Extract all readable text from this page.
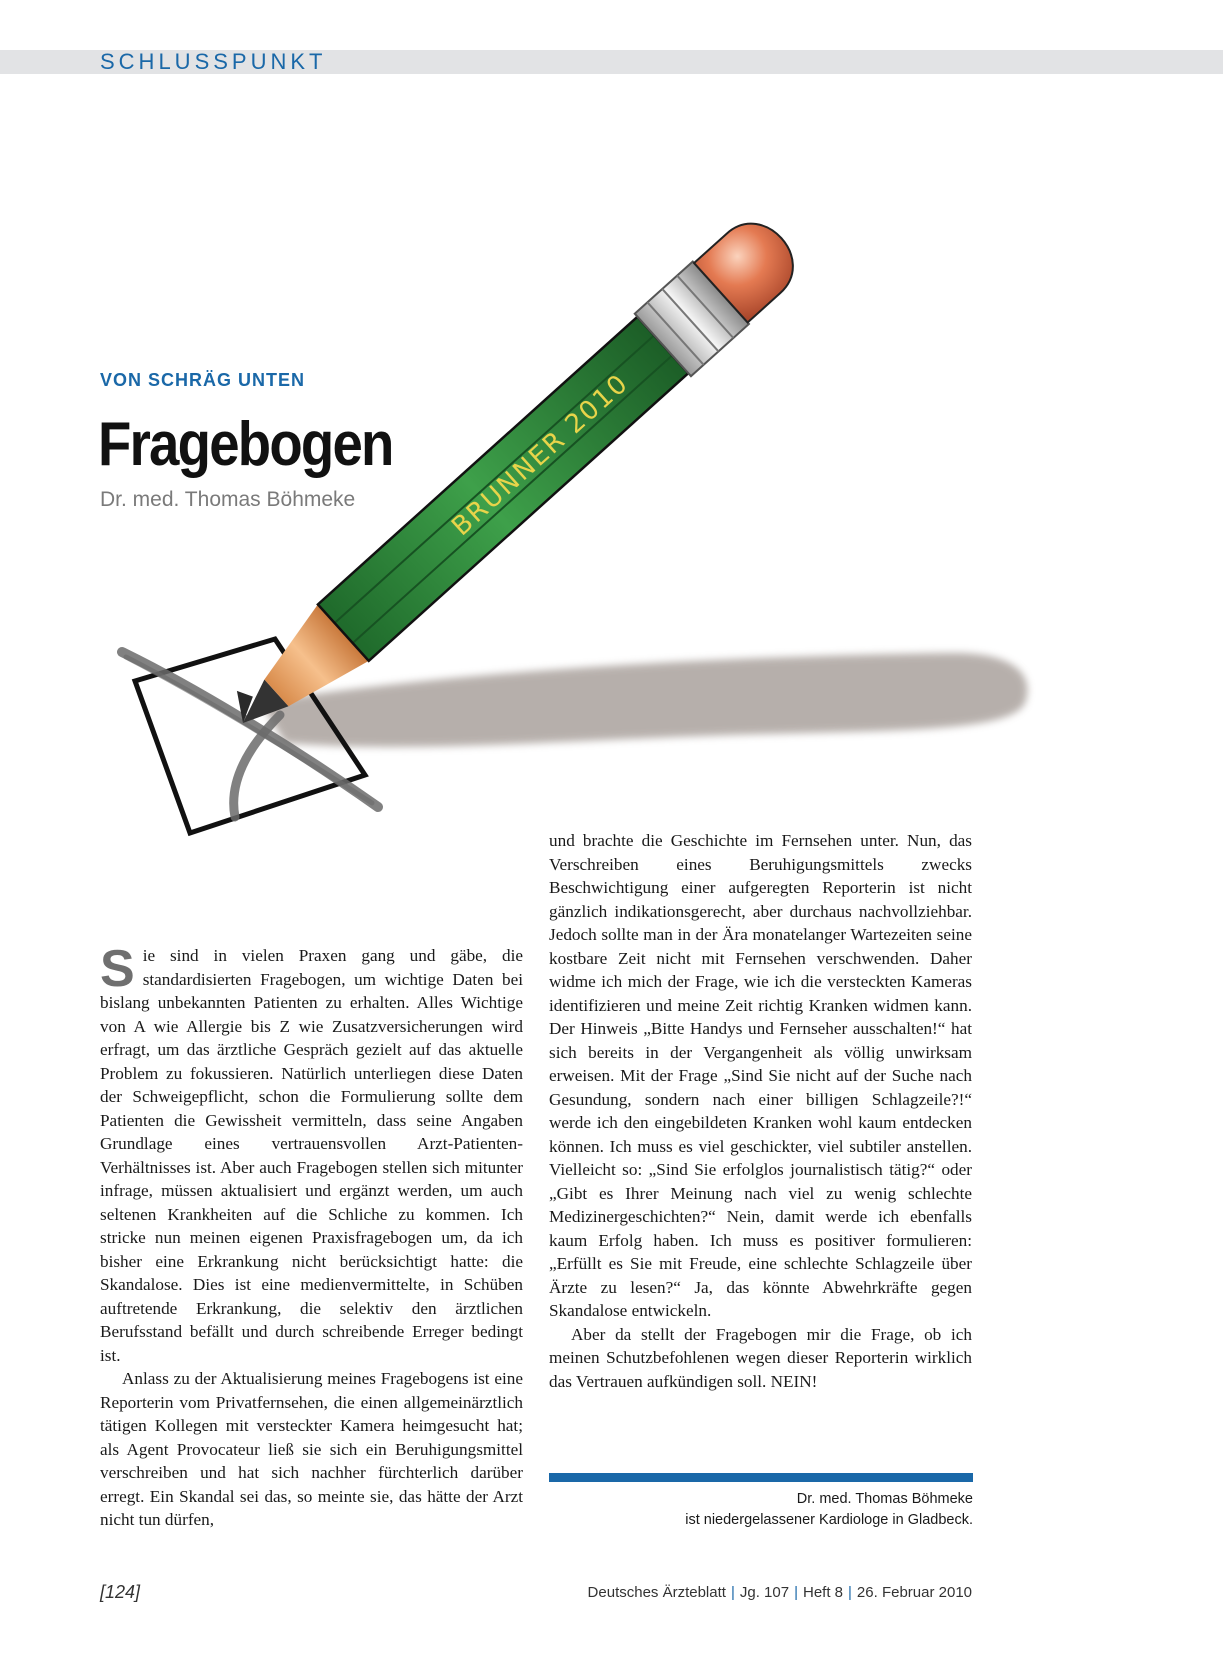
SCHLUSSPUNKT
BRUNNER 2010
VON SCHRÄG UNTEN
Fragebogen
Dr. med. Thomas Böhmeke

Sie sind in vielen Praxen gang und gäbe, die standardisierten Fragebogen, um wichtige Daten bei bislang unbekannten Patienten zu erhalten. Alles Wichtige von A wie Allergie bis Z wie Zusatzversicherungen wird erfragt, um das ärztliche Gespräch gezielt auf das aktuelle Problem zu fokussieren. Natürlich unterliegen diese Daten der Schweigepflicht, schon die Formulierung sollte dem Patienten die Gewissheit vermitteln, dass seine Angaben Grundlage eines vertrauensvollen Arzt-Patienten-Verhältnisses ist. Aber auch Fragebogen stellen sich mitunter infrage, müssen aktualisiert und ergänzt werden, um auch seltenen Krankheiten auf die Schliche zu kommen. Ich stricke nun meinen eigenen Praxisfragebogen um, da ich bisher eine Erkrankung nicht berücksichtigt hatte: die Skandalose. Dies ist eine medienvermittelte, in Schüben auftretende Erkrankung, die selektiv den ärztlichen Berufsstand befällt und durch schreibende Erreger bedingt ist.

Anlass zu der Aktualisierung meines Fragebogens ist eine Reporterin vom Privatfernsehen, die einen allgemeinärztlich tätigen Kollegen mit versteckter Kamera heimgesucht hat; als Agent Provocateur ließ sie sich ein Beruhigungsmittel verschreiben und hat sich nachher fürchterlich darüber erregt. Ein Skandal sei das, so meinte sie, das hätte der Arzt nicht tun dürfen,

und brachte die Geschichte im Fernsehen unter. Nun, das Verschreiben eines Beruhigungsmittels zwecks Beschwichtigung einer aufgeregten Reporterin ist nicht gänzlich indikationsgerecht, aber durchaus nachvollziehbar. Jedoch sollte man in der Ära monatelanger Wartezeiten seine kostbare Zeit nicht mit Fernsehen verschwenden. Daher widme ich mich der Frage, wie ich die versteckten Kameras identifizieren und meine Zeit richtig Kranken widmen kann. Der Hinweis „Bitte Handys und Fernseher ausschalten!“ hat sich bereits in der Vergangenheit als völlig unwirksam erweisen. Mit der Frage „Sind Sie nicht auf der Suche nach Gesundung, sondern nach einer billigen Schlagzeile?!“ werde ich den eingebildeten Kranken wohl kaum entdecken können. Ich muss es viel geschickter, viel subtiler anstellen. Vielleicht so: „Sind Sie erfolglos journalistisch tätig?“ oder „Gibt es Ihrer Meinung nach viel zu wenig schlechte Medizinergeschichten?“ Nein, damit werde ich ebenfalls kaum Erfolg haben. Ich muss es positiver formulieren: „Erfüllt es Sie mit Freude, eine schlechte Schlagzeile über Ärzte zu lesen?“ Ja, das könnte Abwehrkräfte gegen Skandalose entwickeln.

Aber da stellt der Fragebogen mir die Frage, ob ich meinen Schutzbefohlenen wegen dieser Reporterin wirklich das Vertrauen aufkündigen soll. NEIN!

Dr. med. Thomas Böhmeke
ist niedergelassener Kardiologe in Gladbeck.
[124]	Deutsches Ärzteblatt | Jg. 107 | Heft 8 | 26. Februar 2010
